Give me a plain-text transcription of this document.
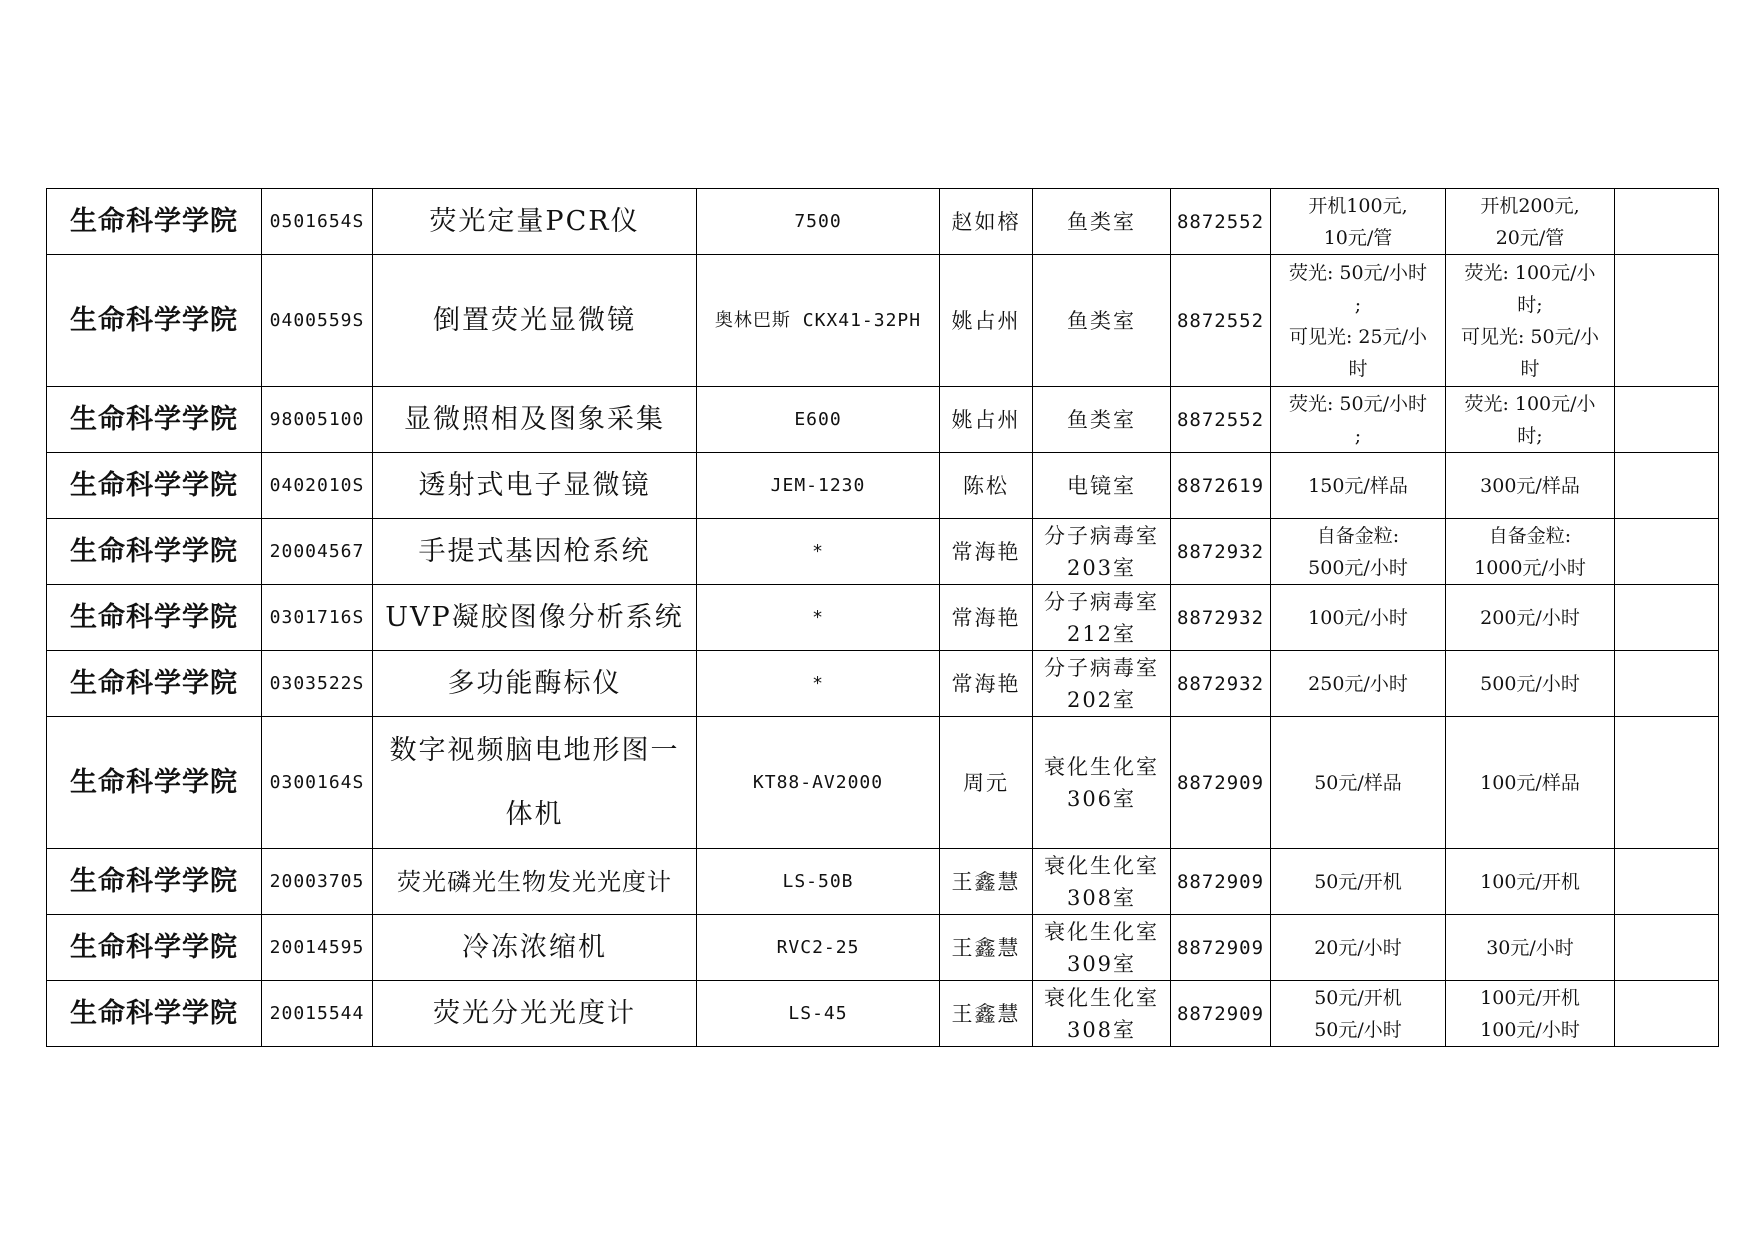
生命科学学院	0501654S	荧光定量PCR仪	7500	赵如榕	鱼类室	8872552	开机100元,
10元/管	开机200元,
20元/管	

生命科学学院	0400559S	倒置荧光显微镜	奥林巴斯 CKX41-32PH	姚占州	鱼类室	8872552	荧光: 50元/小时
;
可见光: 25元/小
时	荧光: 100元/小
时;
可见光: 50元/小
时	

生命科学学院	98005100	显微照相及图象采集	E600	姚占州	鱼类室	8872552	荧光: 50元/小时
;	荧光: 100元/小
时;	

生命科学学院	0402010S	透射式电子显微镜	JEM-1230	陈松	电镜室	8872619	150元/样品	300元/样品	

生命科学学院	20004567	手提式基因枪系统	*	常海艳	分子病毒室
203室	8872932	自备金粒:
500元/小时	自备金粒:
1000元/小时	

生命科学学院	0301716S	UVP凝胶图像分析系统	*	常海艳	分子病毒室
212室	8872932	100元/小时	200元/小时	

生命科学学院	0303522S	多功能酶标仪	*	常海艳	分子病毒室
202室	8872932	250元/小时	500元/小时	

生命科学学院	0300164S	数字视频脑电地形图一体机	KT88-AV2000	周元	衰化生化室
306室	8872909	50元/样品	100元/样品	

生命科学学院	20003705	荧光磷光生物发光光度计	LS-50B	王鑫慧	衰化生化室
308室	8872909	50元/开机	100元/开机	

生命科学学院	20014595	冷冻浓缩机	RVC2-25	王鑫慧	衰化生化室
309室	8872909	20元/小时	30元/小时	

生命科学学院	20015544	荧光分光光度计	LS-45	王鑫慧	衰化生化室
308室	8872909	50元/开机
50元/小时	100元/开机
100元/小时	
